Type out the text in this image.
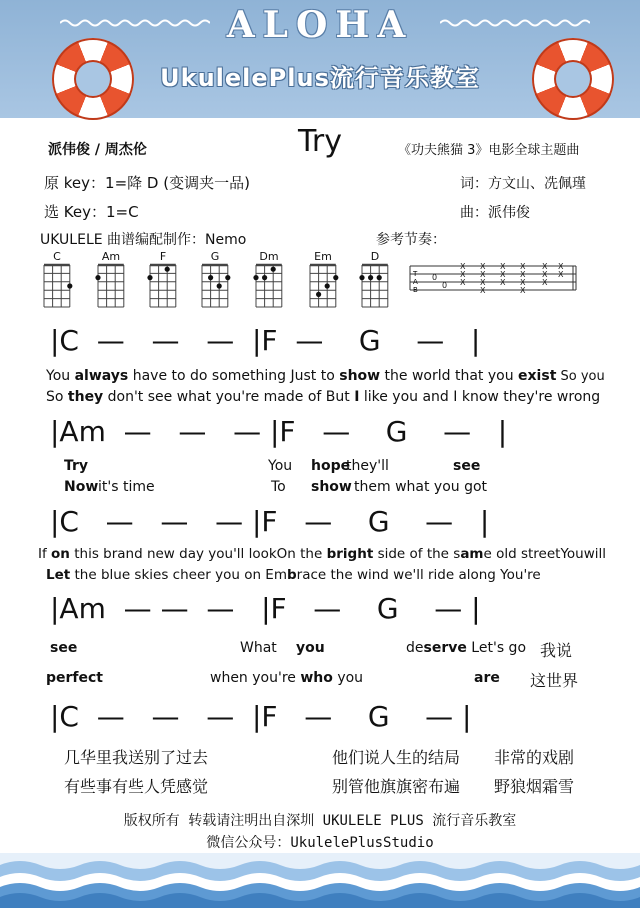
ALOHA
UkulelePlus流行音乐教室
派伟俊 / 周杰伦	Try	《功夫熊猫 3》电影全球主题曲
原 key：1=降 D (变调夹一品)	词：方文山、冼佩瑾
选 Key：1=C	曲：派伟俊
UKULELE 曲谱编配制作：Nemo	参考节奏：
C	Am	F	G	Dm	Em	D
T
A
B
0
0
X
X
X
X
X
X
X
X
X
X
X
X
X
X
X
X
X
X
X
|C  —   —   —  |F  —    G    —   |
You always have to do something Just to show the world that you exist So you
So they don't see what you're made of But I like you and I know they're wrong
|Am  —   —   — |F   —    G    —   |
Try	You hope
they'll	see
Now it's time	To show them what you got
|C   —   —   — |F   —    G    —   |
If on this brand new day you'll lookOn the bright side of the same old streetYouwill
Let the blue skies cheer you on Embrace the wind we'll ride along You're
|Am  — —  —   |F   —    G    — |
see	What you	deserve Let's go 我说
perfect	when you're who you	are 这世界
|C  —   —   —  |F   —    G    — |
几华里我送别了过去	他们说人生的结局 非常的戏剧
有些事有些人凭感觉	别管他旗旗密布遍 野狼烟霜雪
版权所有 转载请注明出自深圳 UKULELE PLUS 流行音乐教室
微信公众号：UkulelePlusStudio
